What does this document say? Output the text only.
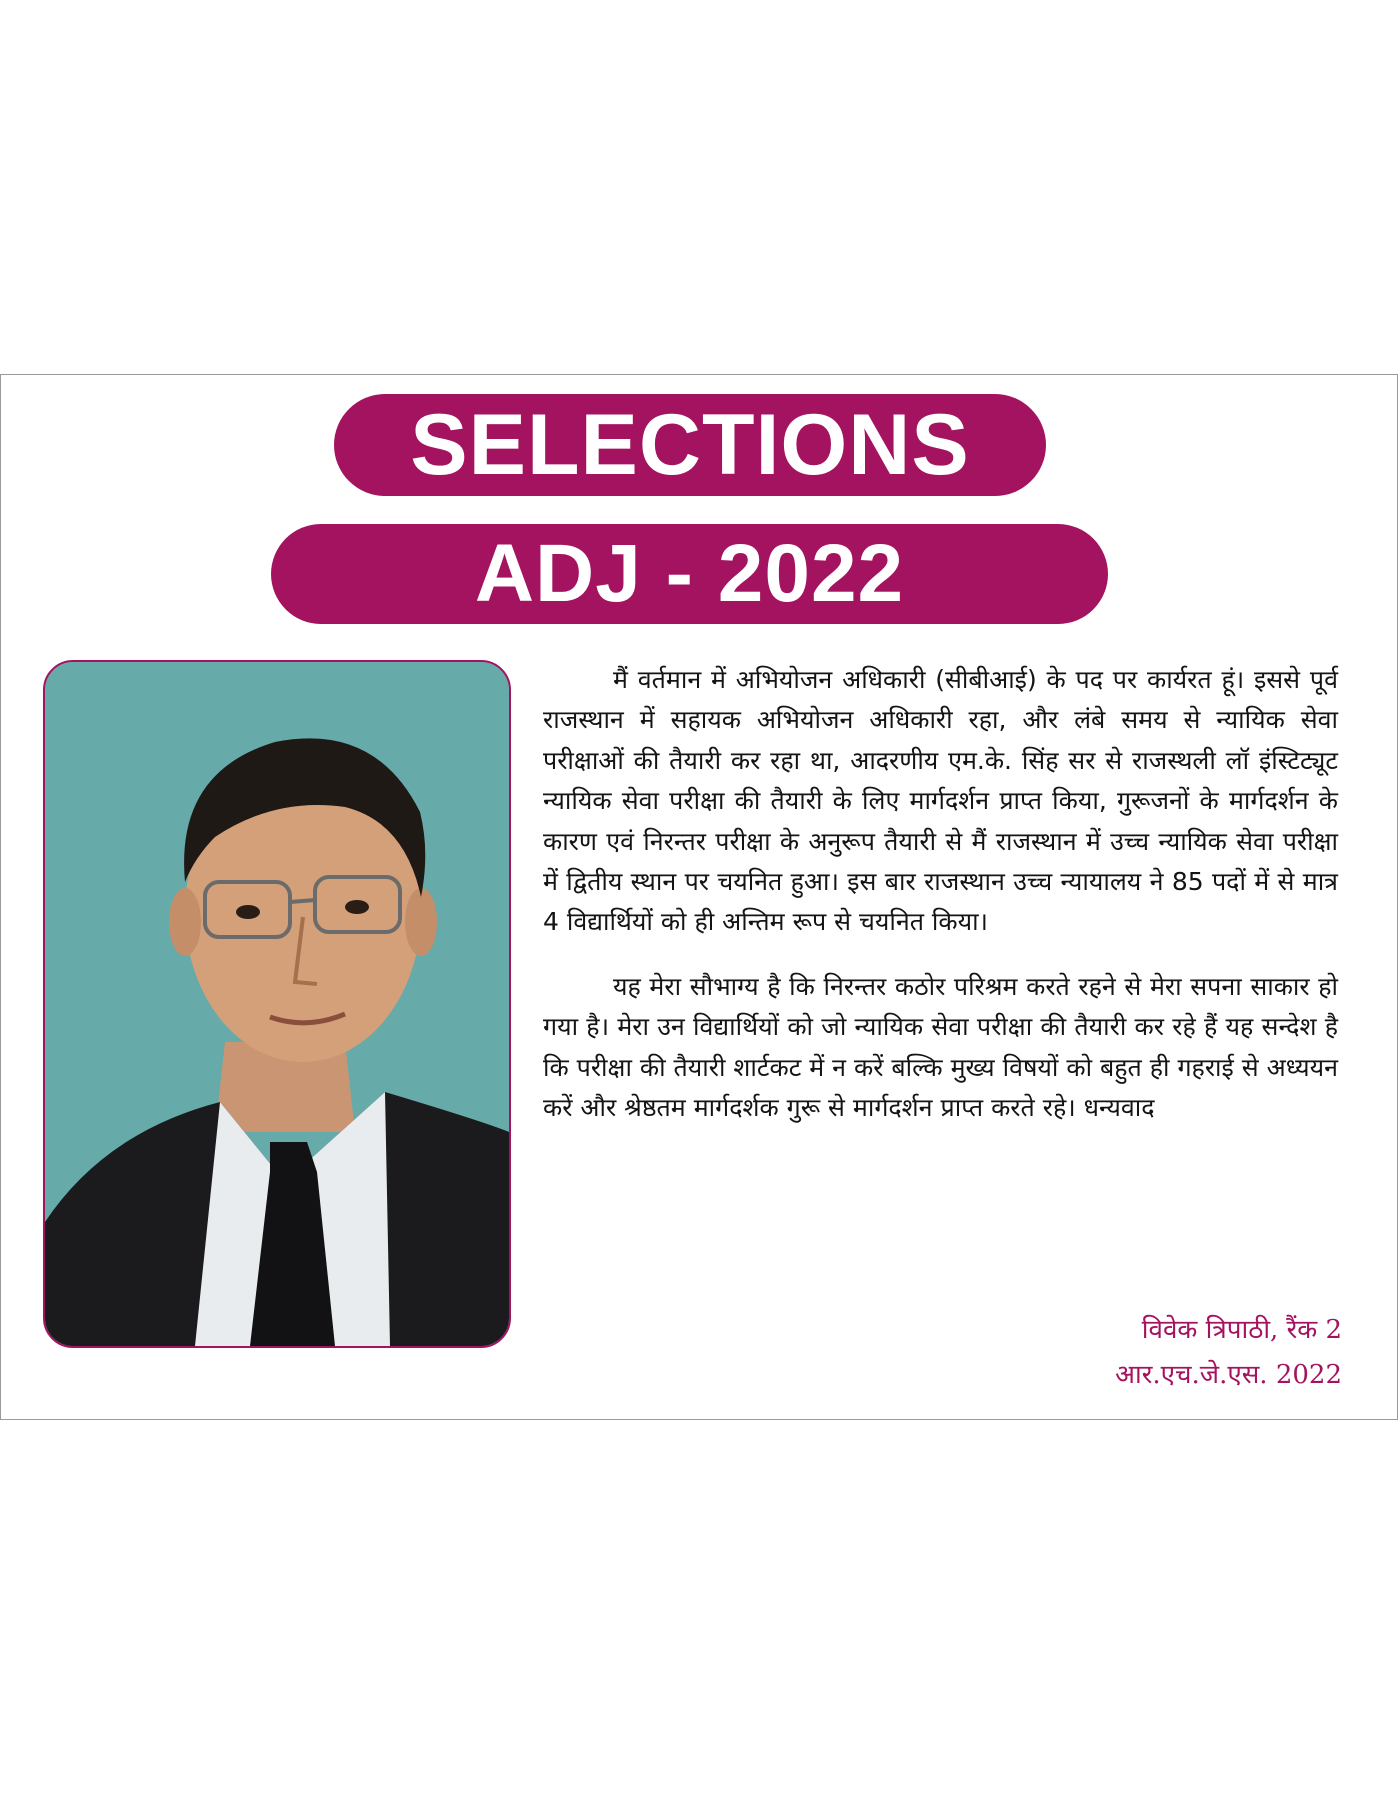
SELECTIONS
ADJ - 2022

मैं वर्तमान में अभियोजन अधिकारी (सीबीआई) के पद पर कार्यरत हूं। इससे पूर्व राजस्थान में सहायक अभियोजन अधिकारी रहा, और लंबे समय से न्यायिक सेवा परीक्षाओं की तैयारी कर रहा था, आदरणीय एम.के. सिंह सर से राजस्थली लॉ इंस्टिट्यूट न्यायिक सेवा परीक्षा की तैयारी के लिए मार्गदर्शन प्राप्त किया, गुरूजनों के मार्गदर्शन के कारण एवं निरन्तर परीक्षा के अनुरूप तैयारी से मैं राजस्थान में उच्च न्यायिक सेवा परीक्षा में द्वितीय स्थान पर चयनित हुआ। इस बार राजस्थान उच्च न्यायालय ने 85 पदों में से मात्र 4 विद्यार्थियों को ही अन्तिम रूप से चयनित किया।

यह मेरा सौभाग्य है कि निरन्तर कठोर परिश्रम करते रहने से मेरा सपना साकार हो गया है। मेरा उन विद्यार्थियों को जो न्यायिक सेवा परीक्षा की तैयारी कर रहे हैं यह सन्देश है कि परीक्षा की तैयारी शार्टकट में न करें बल्कि मुख्य विषयों को बहुत ही गहराई से अध्ययन करें और श्रेष्ठतम मार्गदर्शक गुरू से मार्गदर्शन प्राप्त करते रहे। धन्यवाद

विवेक त्रिपाठी, रैंक 2
आर.एच.जे.एस. 2022
